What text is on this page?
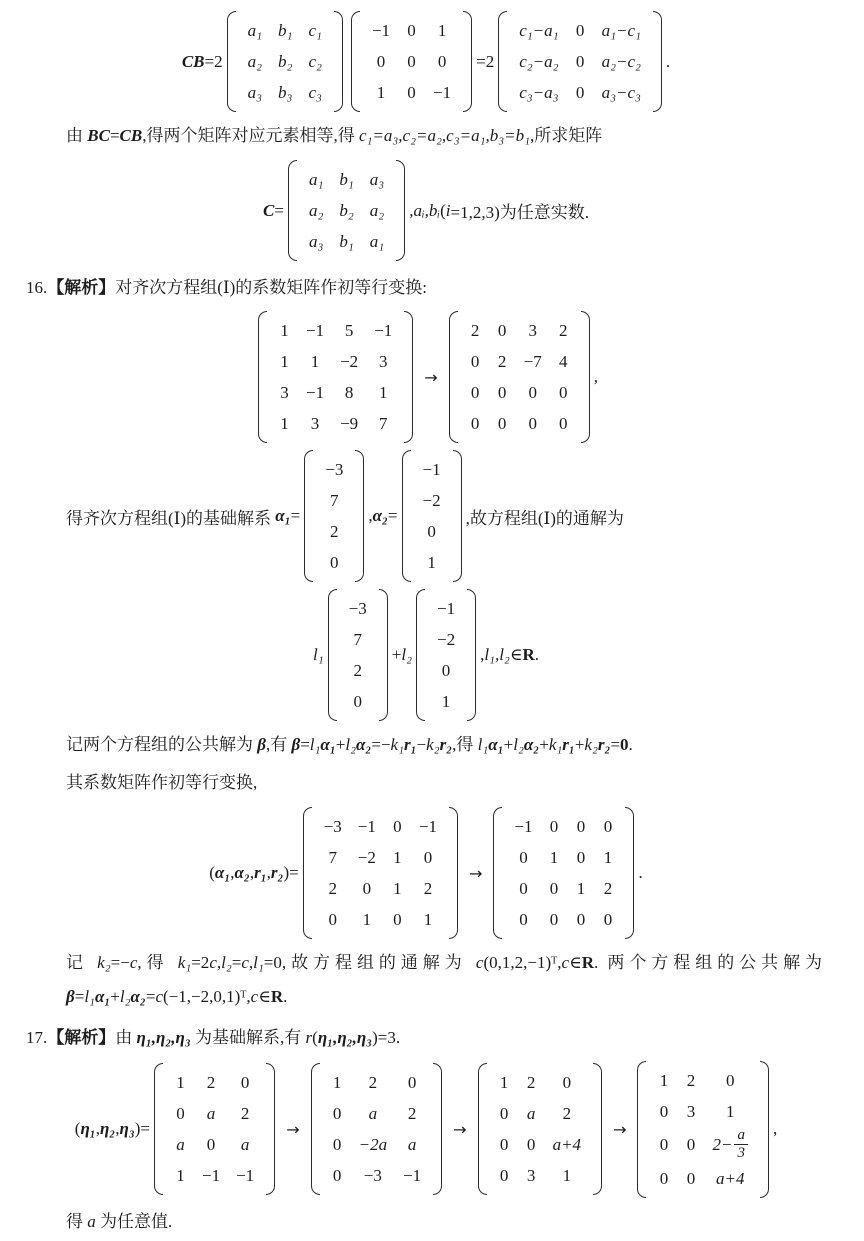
CB =2
a₁ b₁ c₁
a₂ b₂ c₂
a₃ b₃ c₃
−1	0	1
0	0	0
1	0	−1
=2
c₁−a₁	0	a₁−c₁
c₂−a₂	0	a₂−c₂
c₃−a₃	0	a₃−c₃
.
由 BC=CB,得两个矩阵对应元素相等,得 c₁=a₃,c₂=a₂,c₃=a₁,b₃=b₁,所求矩阵
C =
a₁ b₁ a₃
a₂ b₂ a₂
a₃ b₁ a₁
, aᵢ,bᵢ ( i =1,2,3)为任意实数.
16.【解析】对齐次方程组(Ⅰ)的系数矩阵作初等行变换:
1	−1	5	−1
1	1	−2	3
3	−1	8	1
1	3	−9	7
→
2	0	3	2
0	2	−7	4
0	0	0	0
0	0	0	0
,
得齐次方程组(Ⅰ)的基础解系 α₁ =
−3
7
2
0
, α₂ =
−1
−2
0
1
,故方程组(Ⅰ)的通解为
l₁
−3
7
2
0
+ l₂
−1
−2
0
1
, l₁,l₂ ∈ R .
记两个方程组的公共解为 β,有 β=l₁α₁+l₂α₂=−k₁r₁−k₂r₂,得 l₁α₁+l₂α₂+k₁r₁+k₂r₂=0.
其系数矩阵作初等行变换,
( α₁ , α₂ , r₁ , r₂ )=
−3 −1	0	−1
7	−2	1	0
2	0	1	2
0	1	0	1
→
−1	0	0	0
0	1	0	1
0	0	1	2
0	0	0	0
.
记 k₂=−c,得 k₁=2c,l₂=c,l₁=0,故方程组的通解为 c(0,1,2,−1)ᵀ,c∈R. 两个方程组的公共解为 β=l₁α₁+l₂α₂=c(−1,−2,0,1)ᵀ,c∈R.
17.【解析】由 η₁,η₂,η₃ 为基础解系,有 r(η₁,η₂,η₃)=3.
( η₁ , η₂ , η₃ )=
1	2	0
0	a	2
a	0	a
1	−1 −1
→
1	2	0
0	a	2
0	−2a	a
0	−3	−1
→
1	2	0
0	a	2
0	0	a+4
0	3	1
→
1	2	0
0	3	1
0	0	$2- \frac{a}{3}$
0	0	a+4
,
得 a 为任意值.
